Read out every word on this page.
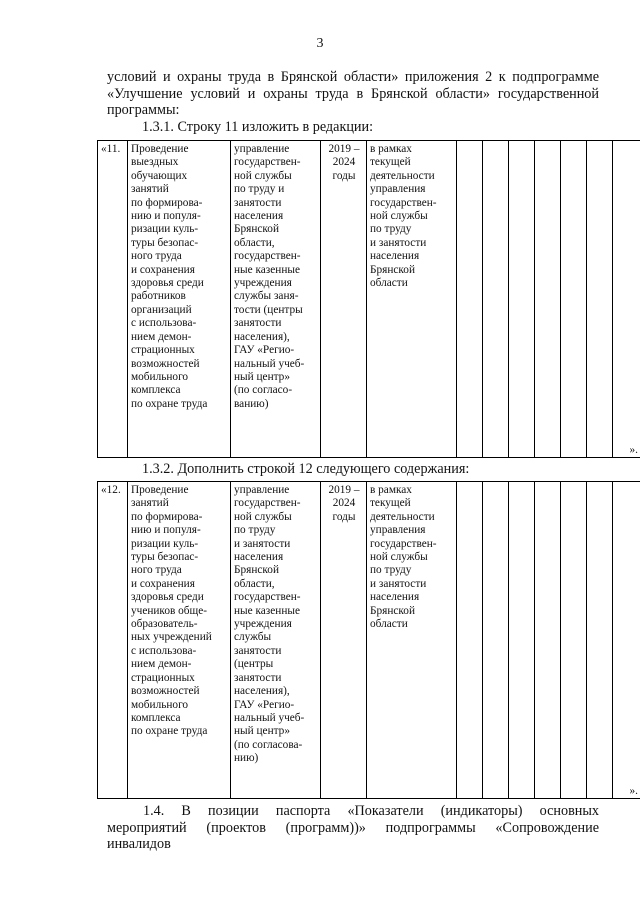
3

условий и охраны труда в Брянской области» приложения 2 к подпрограмме «Улучшение условий и охраны труда в Брянской области» государственной программы:

1.3.1. Строку 11 изложить в редакции:

«11.	Проведение
выездных
обучающих
занятий
по формирова-
нию и популя-
ризации куль-
туры безопас-
ного труда
и сохранения
здоровья среди
работников
организаций
с использова-
нием демон-
страционных
возможностей
мобильного
комплекса
по охране труда	управление
государствен-
ной службы
по труду и
занятости
населения
Брянской
области,
государствен-
ные казенные
учреждения
службы заня-
тости (центры
занятости
населения),
ГАУ «Регио-
нальный учеб-
ный центр»
(по согласо-
ванию)	2019 –
2024
годы	в рамках
текущей
деятельности
управления
государствен-
ной службы
по труду
и занятости
населения
Брянской
области							».

1.3.2. Дополнить строкой 12 следующего содержания:

«12.	Проведение
занятий
по формирова-
нию и популя-
ризации куль-
туры безопас-
ного труда
и сохранения
здоровья среди
учеников обще-
образователь-
ных учреждений
с использова-
нием демон-
страционных
возможностей
мобильного
комплекса
по охране труда	управление
государствен-
ной службы
по труду
и занятости
населения
Брянской
области,
государствен-
ные казенные
учреждения
службы
занятости
(центры
занятости
населения),
ГАУ «Регио-
нальный учеб-
ный центр»
(по согласова-
нию)	2019 –
2024
годы	в рамках
текущей
деятельности
управления
государствен-
ной службы
по труду
и занятости
населения
Брянской
области							».

1.4. В позиции паспорта «Показатели (индикаторы) основных мероприятий (проектов (программ))» подпрограммы «Сопровождение инвалидов
